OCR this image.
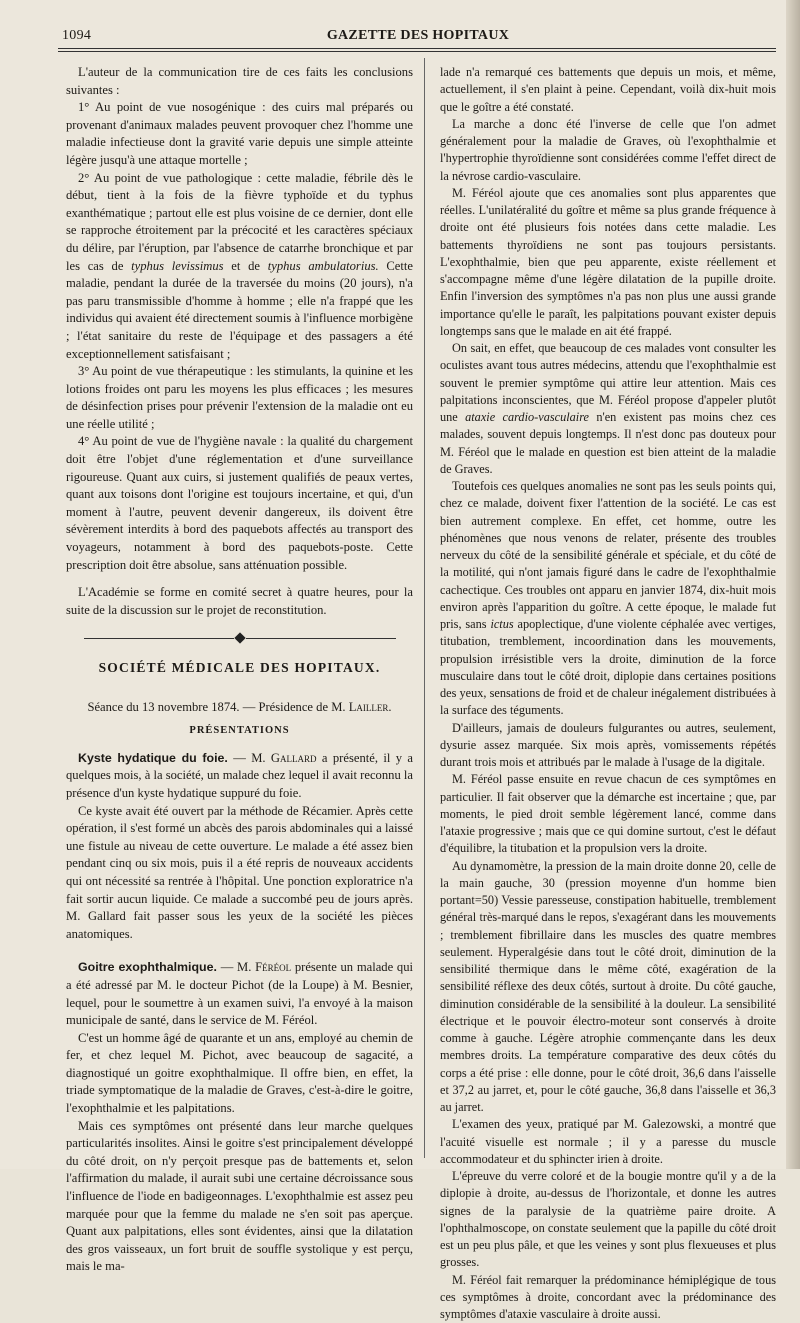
1094	GAZETTE DES HOPITAUX

L'auteur de la communication tire de ces faits les conclusions suivantes :

1° Au point de vue nosogénique : des cuirs mal préparés ou provenant d'animaux malades peuvent provoquer chez l'homme une maladie infectieuse dont la gravité varie depuis une simple atteinte légère jusqu'à une attaque mortelle ;

2° Au point de vue pathologique : cette maladie, fébrile dès le début, tient à la fois de la fièvre typhoïde et du typhus exanthématique ; partout elle est plus voisine de ce dernier, dont elle se rapproche étroitement par la précocité et les caractères spéciaux du délire, par l'éruption, par l'absence de catarrhe bronchique et par les cas de typhus levissimus et de typhus ambulatorius. Cette maladie, pendant la durée de la traversée du moins (20 jours), n'a pas paru transmissible d'homme à homme ; elle n'a frappé que les individus qui avaient été directement soumis à l'influence morbigène ; l'état sanitaire du reste de l'équipage et des passagers a été exceptionnellement satisfaisant ;

3° Au point de vue thérapeutique : les stimulants, la quinine et les lotions froides ont paru les moyens les plus efficaces ; les mesures de désinfection prises pour prévenir l'extension de la maladie ont eu une réelle utilité ;

4° Au point de vue de l'hygiène navale : la qualité du chargement doit être l'objet d'une réglementation et d'une surveillance rigoureuse. Quant aux cuirs, si justement qualifiés de peaux vertes, quant aux toisons dont l'origine est toujours incertaine, et qui, d'un moment à l'autre, peuvent devenir dangereux, ils doivent être sévèrement interdits à bord des paquebots affectés au transport des voyageurs, notamment à bord des paquebots-poste. Cette prescription doit être absolue, sans atténuation possible.

L'Académie se forme en comité secret à quatre heures, pour la suite de la discussion sur le projet de reconstitution.

SOCIÉTÉ MÉDICALE DES HOPITAUX.

Séance du 13 novembre 1874. — Présidence de M. Lailler.

PRÉSENTATIONS

Kyste hydatique du foie. — M. Gallard a présenté, il y a quelques mois, à la société, un malade chez lequel il avait reconnu la présence d'un kyste hydatique suppuré du foie.

Ce kyste avait été ouvert par la méthode de Récamier. Après cette opération, il s'est formé un abcès des parois abdominales qui a laissé une fistule au niveau de cette ouverture. Le malade a été assez bien pendant cinq ou six mois, puis il a été repris de nouveaux accidents qui ont nécessité sa rentrée à l'hôpital. Une ponction exploratrice n'a fait sortir aucun liquide. Ce malade a succombé peu de jours après. M. Gallard fait passer sous les yeux de la société les pièces anatomiques.

Goitre exophthalmique. — M. Féréol présente un malade qui a été adressé par M. le docteur Pichot (de la Loupe) à M. Besnier, lequel, pour le soumettre à un examen suivi, l'a envoyé à la maison municipale de santé, dans le service de M. Féréol.

C'est un homme âgé de quarante et un ans, employé au chemin de fer, et chez lequel M. Pichot, avec beaucoup de sagacité, a diagnostiqué un goitre exophthalmique. Il offre bien, en effet, la triade symptomatique de la maladie de Graves, c'est-à-dire le goitre, l'exophthalmie et les palpitations.

Mais ces symptômes ont présenté dans leur marche quelques particularités insolites. Ainsi le goitre s'est principalement développé du côté droit, on n'y perçoit presque pas de battements et, selon l'affirmation du malade, il aurait subi une certaine décroissance sous l'influence de l'iode en badigeonnages. L'exophthalmie est assez peu marquée pour que la femme du malade ne s'en soit pas aperçue. Quant aux palpitations, elles sont évidentes, ainsi que la dilatation des gros vaisseaux, un fort bruit de souffle systolique y est perçu, mais le ma-

lade n'a remarqué ces battements que depuis un mois, et même, actuellement, il s'en plaint à peine. Cependant, voilà dix-huit mois que le goître a été constaté.

La marche a donc été l'inverse de celle que l'on admet généralement pour la maladie de Graves, où l'exophthalmie et l'hypertrophie thyroïdienne sont considérées comme l'effet direct de la névrose cardio-vasculaire.

M. Féréol ajoute que ces anomalies sont plus apparentes que réelles. L'unilatéralité du goître et même sa plus grande fréquence à droite ont été plusieurs fois notées dans cette maladie. Les battements thyroïdiens ne sont pas toujours persistants. L'exophthalmie, bien que peu apparente, existe réellement et s'accompagne même d'une légère dilatation de la pupille droite. Enfin l'inversion des symptômes n'a pas non plus une aussi grande importance qu'elle le paraît, les palpitations pouvant exister depuis longtemps sans que le malade en ait été frappé.

On sait, en effet, que beaucoup de ces malades vont consulter les oculistes avant tous autres médecins, attendu que l'exophthalmie est souvent le premier symptôme qui attire leur attention. Mais ces palpitations inconscientes, que M. Féréol propose d'appeler plutôt une ataxie cardio-vasculaire n'en existent pas moins chez ces malades, souvent depuis longtemps. Il n'est donc pas douteux pour M. Féréol que le malade en question est bien atteint de la maladie de Graves.

Toutefois ces quelques anomalies ne sont pas les seuls points qui, chez ce malade, doivent fixer l'attention de la société. Le cas est bien autrement complexe. En effet, cet homme, outre les phénomènes que nous venons de relater, présente des troubles nerveux du côté de la sensibilité générale et spéciale, et du côté de la motilité, qui n'ont jamais figuré dans le cadre de l'exophthalmie cachectique. Ces troubles ont apparu en janvier 1874, dix-huit mois environ après l'apparition du goître. A cette époque, le malade fut pris, sans ictus apoplectique, d'une violente céphalée avec vertiges, titubation, tremblement, incoordination dans les mouvements, propulsion irrésistible vers la droite, diminution de la force musculaire dans tout le côté droit, diplopie dans certaines positions des yeux, sensations de froid et de chaleur inégalement distribuées à la surface des téguments.

D'ailleurs, jamais de douleurs fulgurantes ou autres, seulement, dysurie assez marquée. Six mois après, vomissements répétés durant trois mois et attribués par le malade à l'usage de la digitale.

M. Féréol passe ensuite en revue chacun de ces symptômes en particulier. Il fait observer que la démarche est incertaine ; que, par moments, le pied droit semble légèrement lancé, comme dans l'ataxie progressive ; mais que ce qui domine surtout, c'est le défaut d'équilibre, la titubation et la propulsion vers la droite.

Au dynamomètre, la pression de la main droite donne 20, celle de la main gauche, 30 (pression moyenne d'un homme bien portant=50) Vessie paresseuse, constipation habituelle, tremblement général très-marqué dans le repos, s'exagérant dans les mouvements ; tremblement fibrillaire dans les muscles des quatre membres seulement. Hyperalgésie dans tout le côté droit, diminution de la sensibilité thermique dans le même côté, exagération de la sensibilité réflexe des deux côtés, surtout à droite. Du côté gauche, diminution considérable de la sensibilité à la douleur. La sensibilité électrique et le pouvoir électro-moteur sont conservés à droite comme à gauche. Légère atrophie commençante dans les deux membres droits. La température comparative des deux côtés du corps a été prise : elle donne, pour le côté droit, 36,6 dans l'aisselle et 37,2 au jarret, et, pour le côté gauche, 36,8 dans l'aisselle et 36,3 au jarret.

L'examen des yeux, pratiqué par M. Galezowski, a montré que l'acuité visuelle est normale ; il y a paresse du muscle accommodateur et du sphincter irien à droite.

L'épreuve du verre coloré et de la bougie montre qu'il y a de la diplopie à droite, au-dessus de l'horizontale, et donne les autres signes de la paralysie de la quatrième paire droite. A l'ophthalmoscope, on constate seulement que la papille du côté droit est un peu plus pâle, et que les veines y sont plus flexueuses et plus grosses.

M. Féréol fait remarquer la prédominance hémiplégique de tous ces symptômes à droite, concordant avec la prédominance des symptômes d'ataxie vasculaire à droite aussi.
